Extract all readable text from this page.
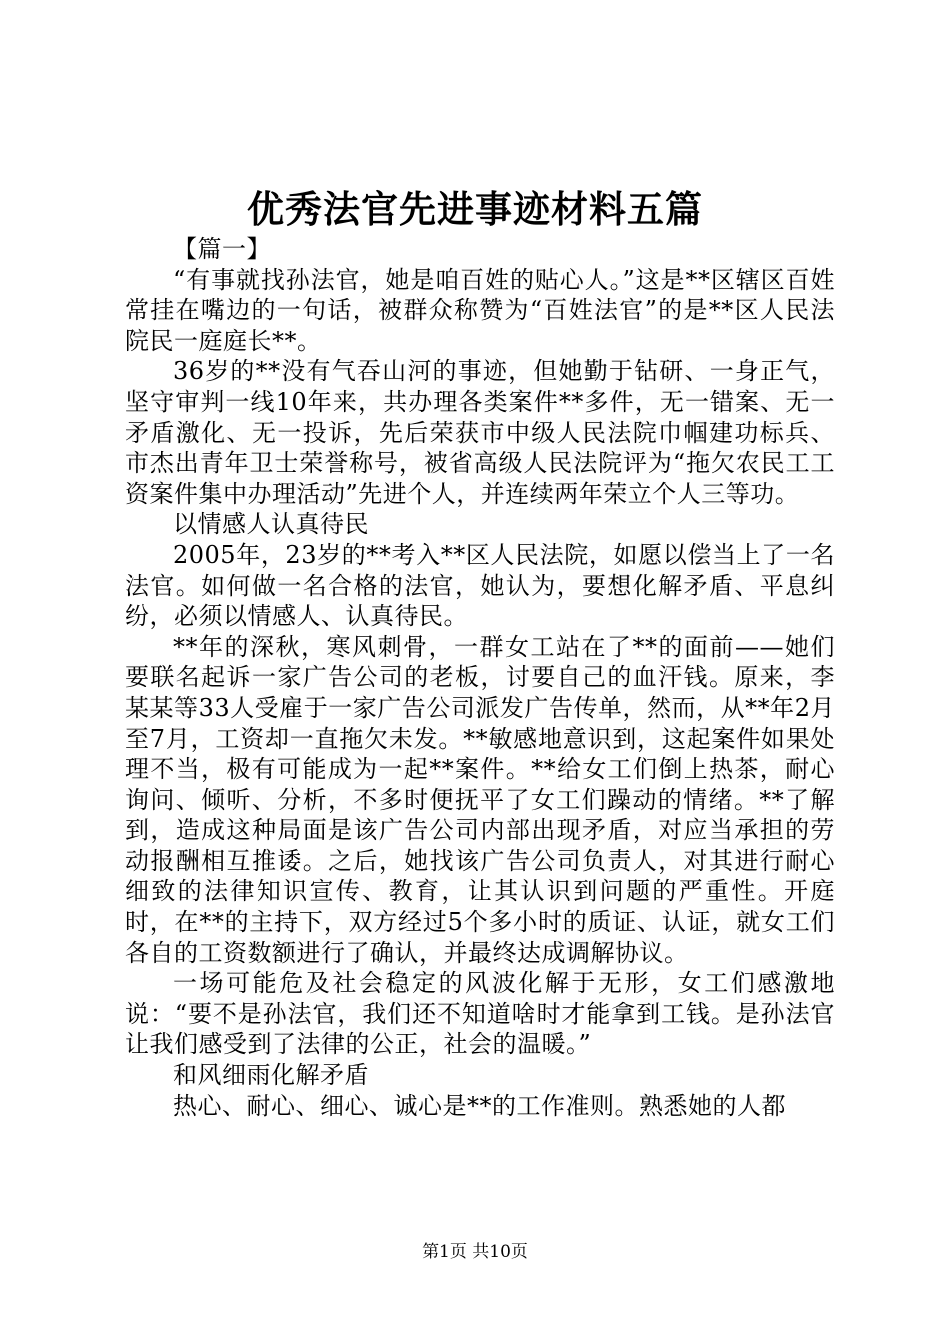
优秀法官先进事迹材料五篇

【篇一】

“有事就找孙法官，她是咱百姓的贴心人。”这是**区辖区百姓常挂在嘴边的一句话，被群众称赞为“百姓法官”的是**区人民法院民一庭庭长**。

36岁的**没有气吞山河的事迹，但她勤于钻研、一身正气，坚守审判一线10年来，共办理各类案件**多件，无一错案、无一矛盾激化、无一投诉，先后荣获市中级人民法院巾帼建功标兵、市杰出青年卫士荣誉称号，被省高级人民法院评为“拖欠农民工工资案件集中办理活动”先进个人，并连续两年荣立个人三等功。

以情感人认真待民

2005年，23岁的**考入**区人民法院，如愿以偿当上了一名法官。如何做一名合格的法官，她认为，要想化解矛盾、平息纠纷，必须以情感人、认真待民。

**年的深秋，寒风刺骨，一群女工站在了**的面前——她们要联名起诉一家广告公司的老板，讨要自己的血汗钱。原来，李某某等33人受雇于一家广告公司派发广告传单，然而，从**年2月至7月，工资却一直拖欠未发。**敏感地意识到，这起案件如果处理不当，极有可能成为一起**案件。**给女工们倒上热茶，耐心询问、倾听、分析，不多时便抚平了女工们躁动的情绪。**了解到，造成这种局面是该广告公司内部出现矛盾，对应当承担的劳动报酬相互推诿。之后，她找该广告公司负责人，对其进行耐心细致的法律知识宣传、教育，让其认识到问题的严重性。开庭时，在**的主持下，双方经过5个多小时的质证、认证，就女工们各自的工资数额进行了确认，并最终达成调解协议。

一场可能危及社会稳定的风波化解于无形，女工们感激地说：“要不是孙法官，我们还不知道啥时才能拿到工钱。是孙法官让我们感受到了法律的公正，社会的温暖。”

和风细雨化解矛盾

热心、耐心、细心、诚心是**的工作准则。熟悉她的人都

第1页 共10页
